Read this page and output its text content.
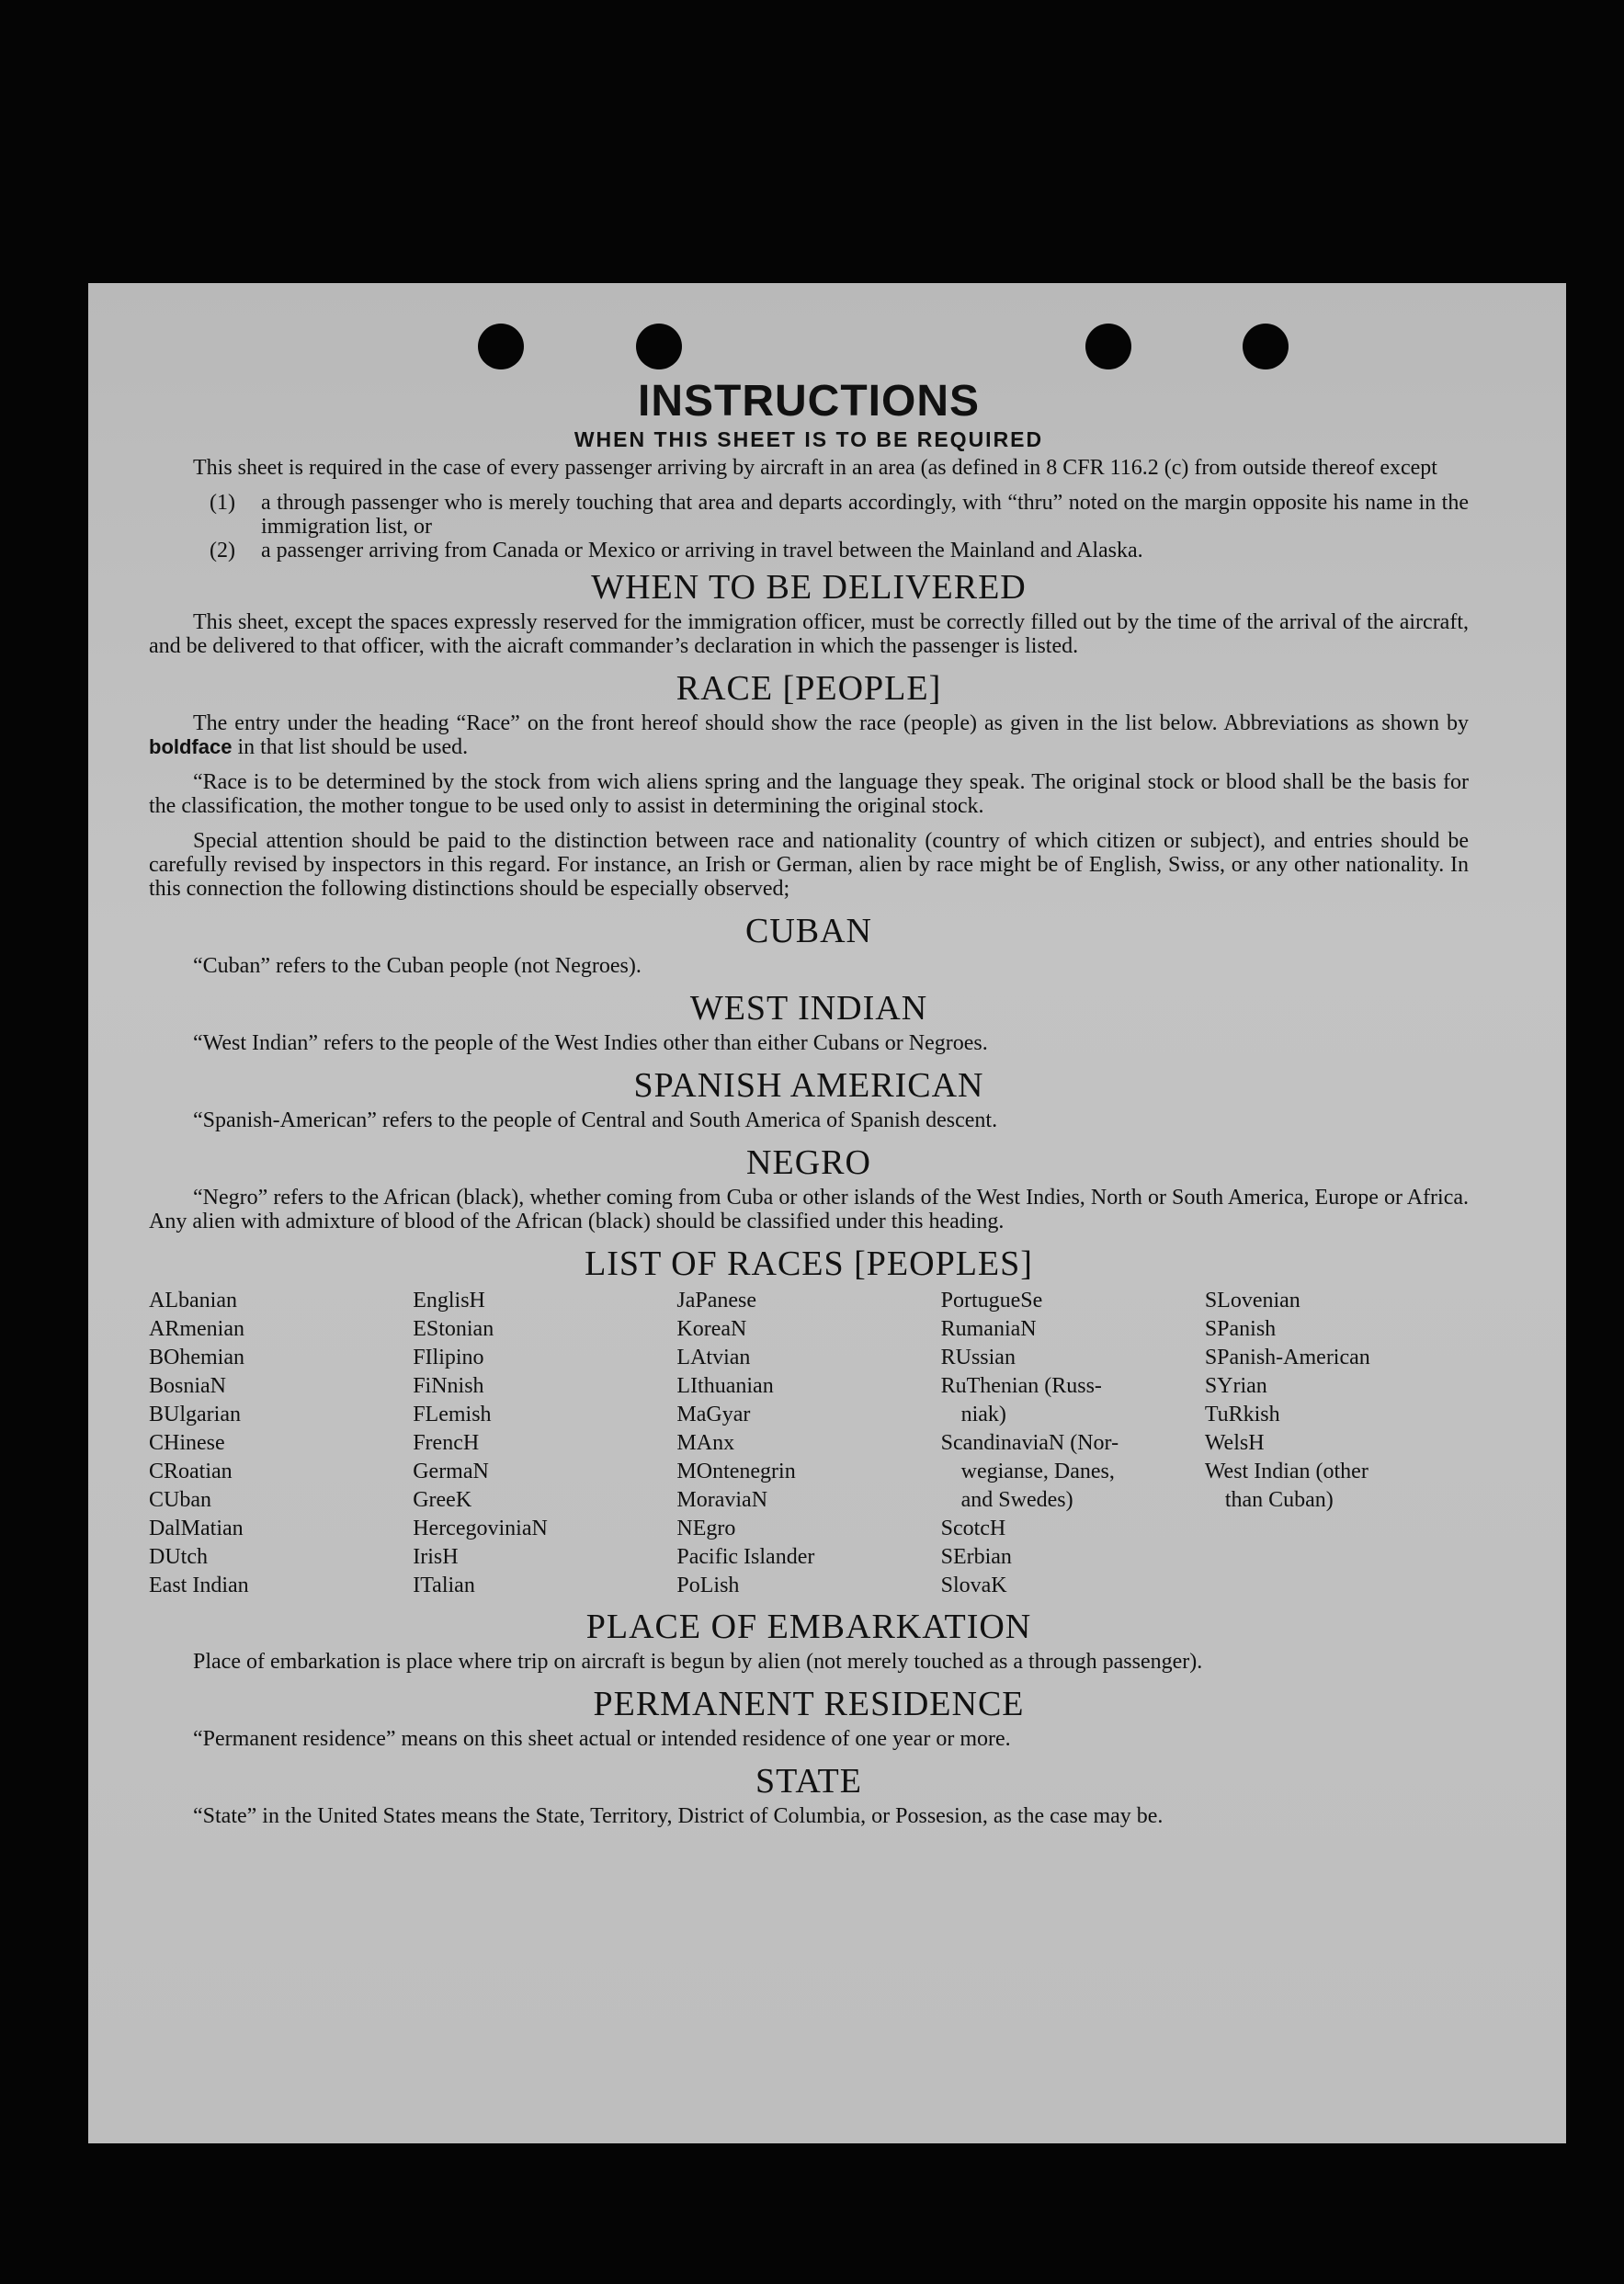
INSTRUCTIONS
WHEN THIS SHEET IS TO BE REQUIRED

This sheet is required in the case of every passenger arriving by aircraft in an area (as defined in 8 CFR 116.2 (c) from outside thereof except

(1)	a through passenger who is merely touching that area and departs accordingly, with “thru” noted on the margin opposite his name in the immigration list, or
(2)	a passenger arriving from Canada or Mexico or arriving in travel between the Mainland and Alaska.
WHEN TO BE DELIVERED

This sheet, except the spaces expressly reserved for the immigration officer, must be correctly filled out by the time of the arrival of the aircraft, and be delivered to that officer, with the aicraft commander’s declaration in which the passenger is listed.

RACE [PEOPLE]

The entry under the heading “Race” on the front hereof should show the race (people) as given in the list below. Abbreviations as shown by boldface in that list should be used.

“Race is to be determined by the stock from wich aliens spring and the language they speak. The original stock or blood shall be the basis for the classification, the mother tongue to be used only to assist in determining the original stock.

Special attention should be paid to the distinction between race and nationality (country of which citizen or subject), and entries should be carefully revised by inspectors in this regard. For instance, an Irish or German, alien by race might be of English, Swiss, or any other nationality. In this connection the following distinctions should be especially observed;

CUBAN

“Cuban” refers to the Cuban people (not Negroes).

WEST INDIAN

“West Indian” refers to the people of the West Indies other than either Cubans or Negroes.

SPANISH AMERICAN

“Spanish-American” refers to the people of Central and South America of Spanish descent.

NEGRO

“Negro” refers to the African (black), whether coming from Cuba or other islands of the West Indies, North or South America, Europe or Africa. Any alien with admixture of blood of the African (black) should be classified under this heading.

LIST OF RACES [PEOPLES]
ALbanian
ARmenian
BOhemian
BosniaN
BUlgarian
CHinese
CRoatian
CUban
DalMatian
DUtch
East Indian
EnglisH
EStonian
FIlipino
FiNnish
FLemish
FrencH
GermaN
GreeK
HercegoviniaN
IrisH
ITalian
JaPanese
KoreaN
LAtvian
LIthuanian
MaGyar
MAnx
MOntenegrin
MoraviaN
NEgro
Pacific Islander
PoLish
PortugueSe
RumaniaN
RUssian
RuThenian (Russ-
niak)
ScandinaviaN (Nor-
wegianse, Danes,
and Swedes)
ScotcH
SErbian
SlovaK
SLovenian
SPanish
SPanish-American
SYrian
TuRkish
WelsH
West Indian (other
than Cuban)
PLACE OF EMBARKATION

Place of embarkation is place where trip on aircraft is begun by alien (not merely touched as a through passenger).

PERMANENT RESIDENCE

“Permanent residence” means on this sheet actual or intended residence of one year or more.

STATE

“State” in the United States means the State, Territory, District of Columbia, or Possesion, as the case may be.
